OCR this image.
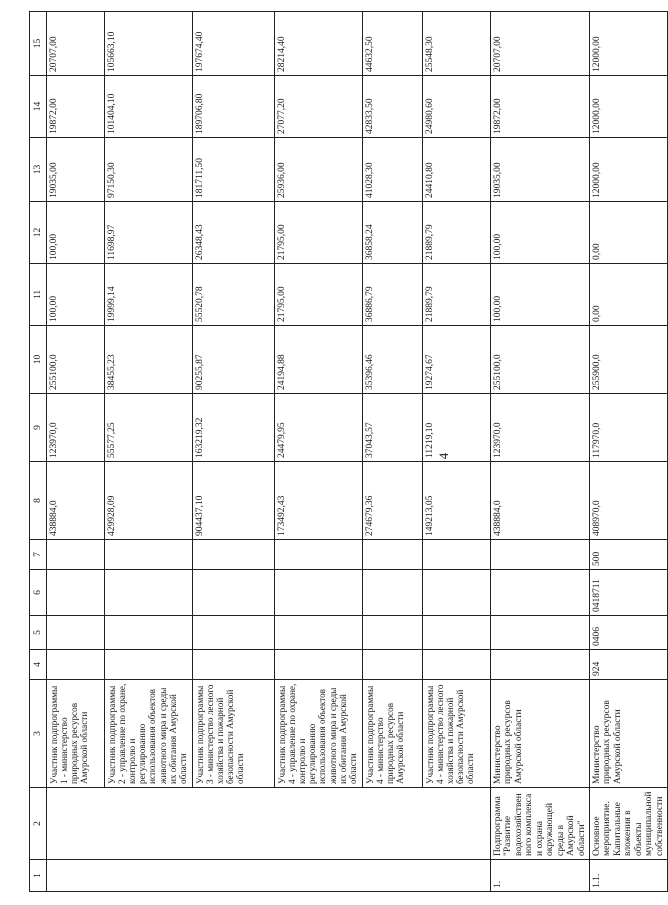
4
1	2	3	4	5	6	7	8	9	10	11	12	13	14	15
		Участник подпрограммы 1 - министерство природных ресурсов Амурской области					438884,0	123970,0	255100,0	100,00	100,00	19035,00	19872,00	20707,00
		Участник подпрограммы 2 - управление по охране, контролю и регулированию использования объектов животного мира и среды их обитания Амурской области					429928,09	55577,25	38455,23	19999,14	11698,97	97150,30	101404,10	105663,10
		Участник подпрограммы 3 - министерство лесного хозяйства и пожарной безопасности Амурской области					904437,10	163219,32	90255,87	55520,78	26348,43	181711,50	189706,80	197674,40
		Участник подпрограммы 4 - управление по охране, контролю и регулированию использования объектов животного мира и среды их обитания Амурской области					173492,43	24479,95	24194,88	21795,00	21795,00	25936,00	27077,20	28214,40
		Участник подпрограммы 4 - министерство природных ресурсов Амурской области					274679,36	37043,57	35396,46	36886,79	36858,24	41028,30	42833,50	44632,50
		Участник подпрограммы 4 - министерство лесного хозяйства и пожарной безопасности Амурской области					149213,05	11219,10	19274,67	21889,79	21889,79	24410,80	24980,60	25548,30
1.	Подпрограмма "Развитие водохозяйственного комплекса и охрана окружающей среды в Амурской области"	Министерство природных ресурсов Амурской области					438884,0	123970,0	255100,0	100,00	100,00	19035,00	19872,00	20707,00
1.1.	Основное мероприятие. Капитальные вложения в объекты муниципальной собственности	Министерство природных ресурсов Амурской области	924	0406	0418711	500	408970,0	117970,0	255900,0	0,00	0,00	12000,00	12000,00	12000,00
